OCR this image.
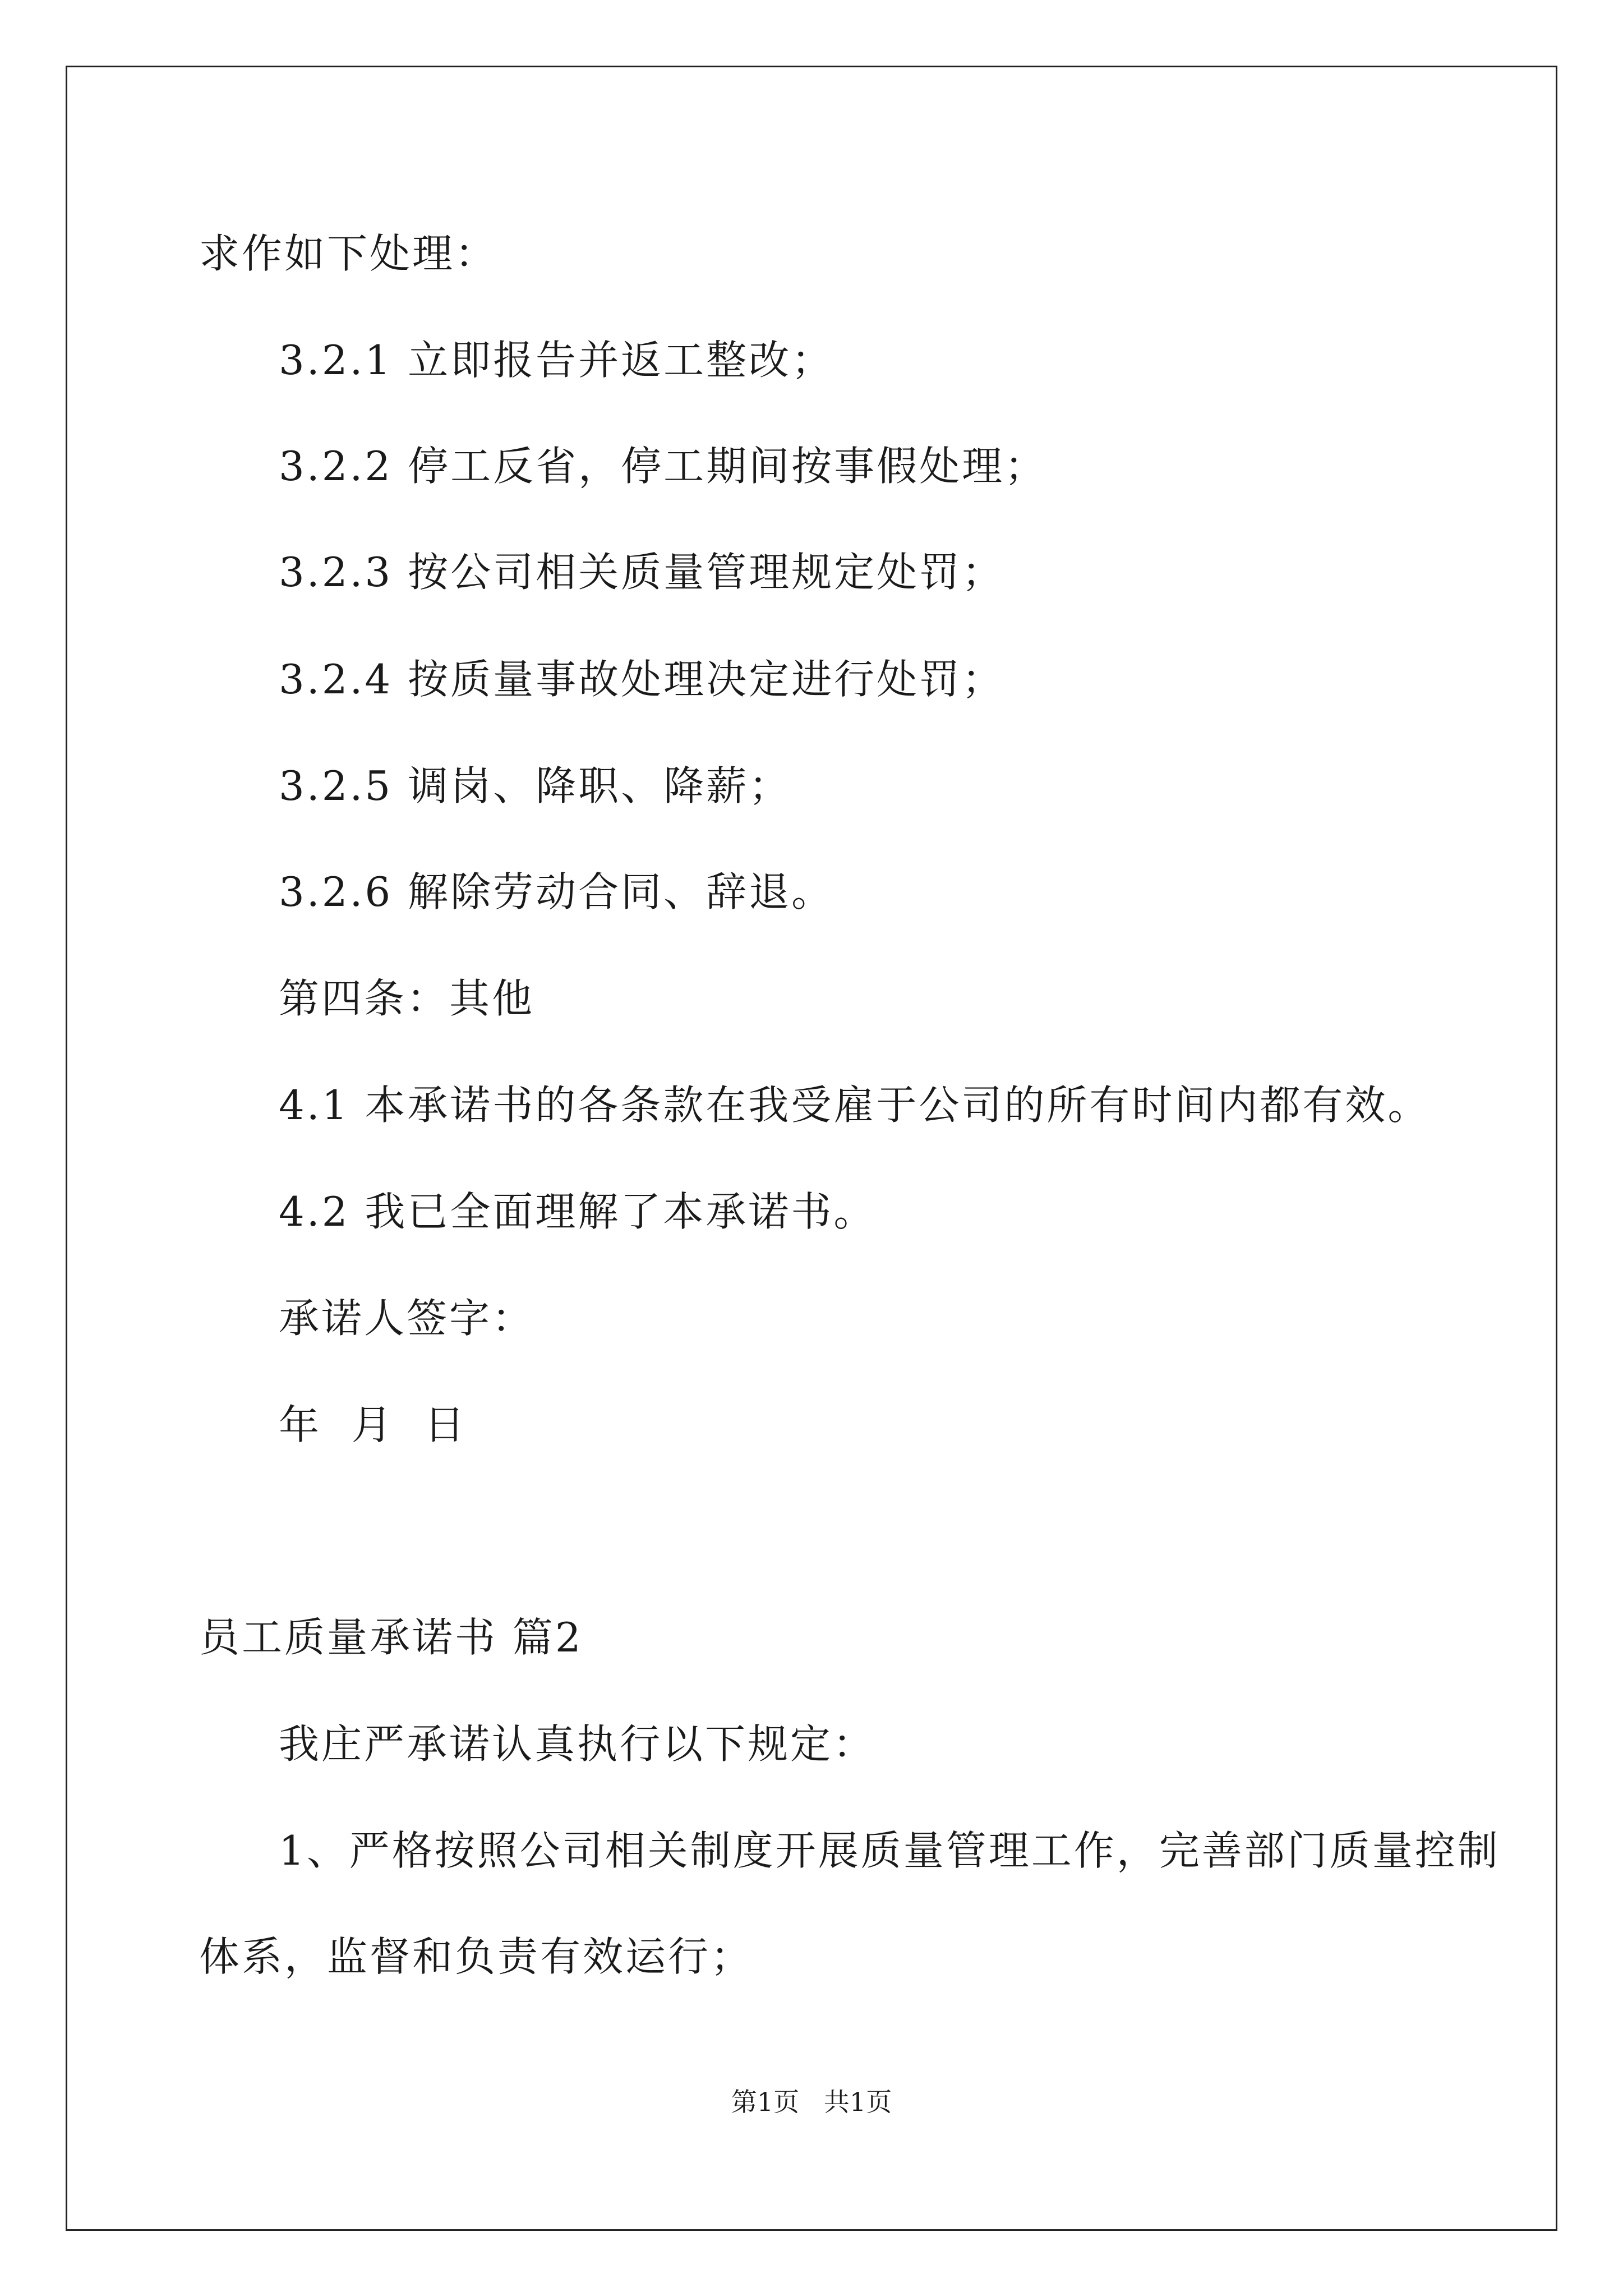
求作如下处理：
3.2.1 立即报告并返工整改；
3.2.2 停工反省，停工期间按事假处理；
3.2.3 按公司相关质量管理规定处罚；
3.2.4 按质量事故处理决定进行处罚；
3.2.5 调岗、降职、降薪；
3.2.6 解除劳动合同、辞退。
第四条：其他
4.1 本承诺书的各条款在我受雇于公司的所有时间内都有效。
4.2 我已全面理解了本承诺书。
承诺人签字：
年  月  日
员工质量承诺书 篇2
我庄严承诺认真执行以下规定：
1、严格按照公司相关制度开展质量管理工作，完善部门质量控制
体系，监督和负责有效运行；
第1页   共1页
